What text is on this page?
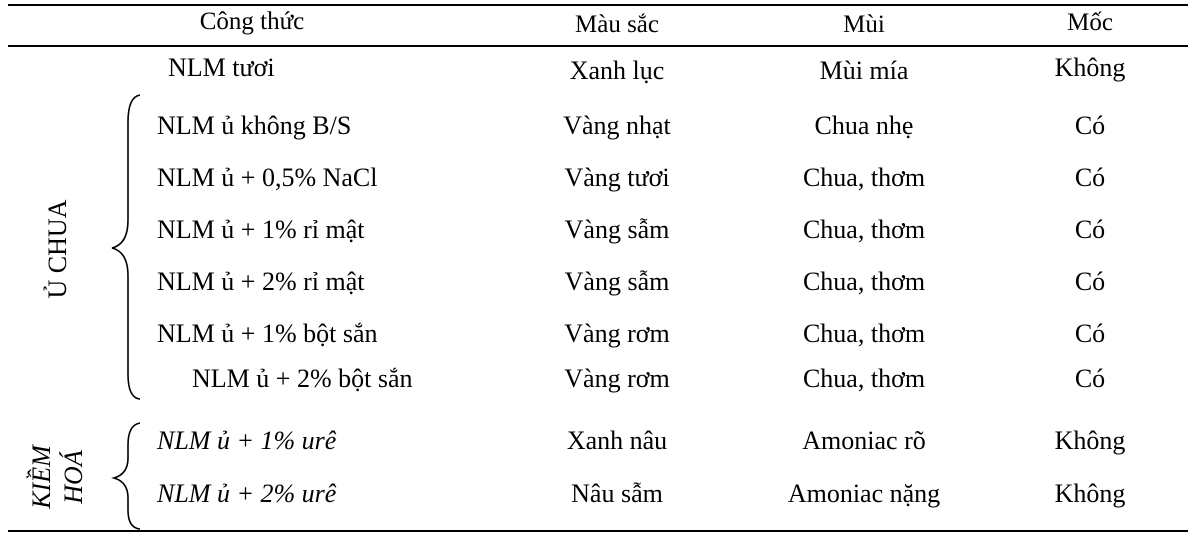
Công thức	Màu sắc	Mùi	Mốc
NLM tươi	Xanh lục	Mùi mía	Không
Ủ CHUA
NLM ủ không B/S	Vàng nhạt	Chua nhẹ	Có
NLM ủ + 0,5% NaCl	Vàng tươi	Chua, thơm	Có
NLM ủ + 1% rỉ mật	Vàng sẫm	Chua, thơm	Có
NLM ủ + 2% rỉ mật	Vàng sẫm	Chua, thơm	Có
NLM ủ + 1% bột sắn	Vàng rơm	Chua, thơm	Có
NLM ủ + 2% bột sắn	Vàng rơm	Chua, thơm	Có
KIỀM HOÁ
NLM ủ + 1% urê	Xanh nâu	Amoniac rõ	Không
NLM ủ + 2% urê	Nâu sẫm	Amoniac nặng	Không
